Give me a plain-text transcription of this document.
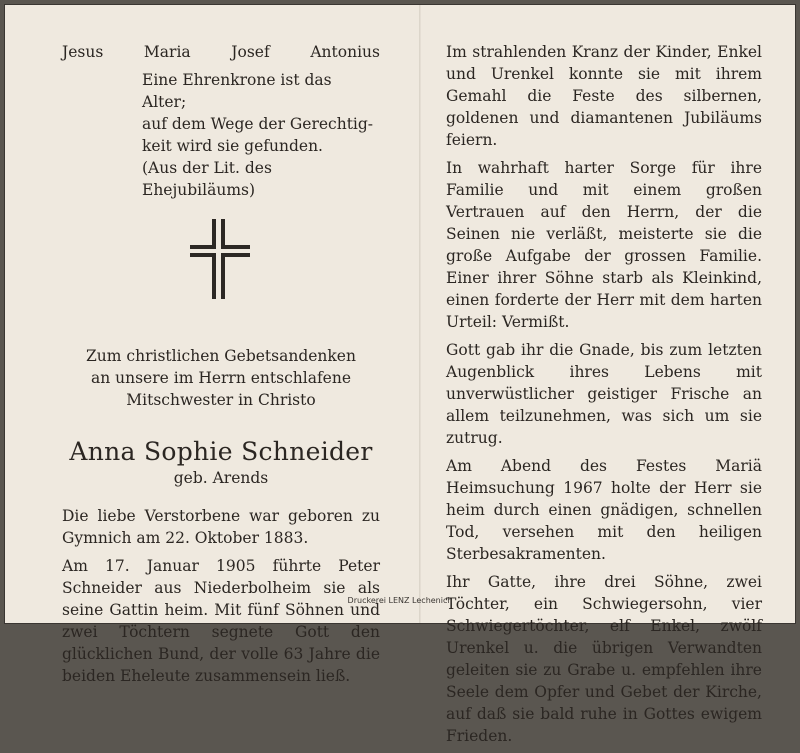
Jesus	Maria	Josef	Antonius
Eine Ehrenkrone ist das Alter;
auf dem Wege der Gerechtig-
keit wird sie gefunden.
(Aus der Lit. des Ehejubiläums)
Zum christlichen Gebetsandenken
an unsere im Herrn entschlafene
Mitschwester in Christo
Anna Sophie Schneider
geb. Arends
Die liebe Verstorbene war geboren zu Gymnich am 22. Oktober 1883.
Am 17. Januar 1905 führte Peter Schneider aus Niederbolheim sie als seine Gattin heim. Mit fünf Söhnen und zwei Töchtern segnete Gott den glücklichen Bund, der volle 63 Jahre die beiden Eheleute zusammensein ließ.
Im strahlenden Kranz der Kinder, Enkel und Urenkel konnte sie mit ihrem Gemahl die Feste des silbernen, goldenen und diamantenen Jubiläums feiern.
In wahrhaft harter Sorge für ihre Familie und mit einem großen Vertrauen auf den Herrn, der die Seinen nie verläßt, meisterte sie die große Aufgabe der grossen Familie. Einer ihrer Söhne starb als Kleinkind, einen forderte der Herr mit dem harten Urteil: Vermißt.
Gott gab ihr die Gnade, bis zum letzten Augenblick ihres Lebens mit unverwüstlicher geistiger Frische an allem teilzunehmen, was sich um sie zutrug.
Am Abend des Festes Mariä Heimsuchung 1967 holte der Herr sie heim durch einen gnädigen, schnellen Tod, versehen mit den heiligen Sterbesakramenten.
Ihr Gatte, ihre drei Söhne, zwei Töchter, ein Schwiegersohn, vier Schwiegertöchter, elf Enkel, zwölf Urenkel u. die übrigen Verwandten geleiten sie zu Grabe u. empfehlen ihre Seele dem Opfer und Gebet der Kirche, auf daß sie bald ruhe in Gottes ewigem Frieden.
Druckerei LENZ Lechenich
